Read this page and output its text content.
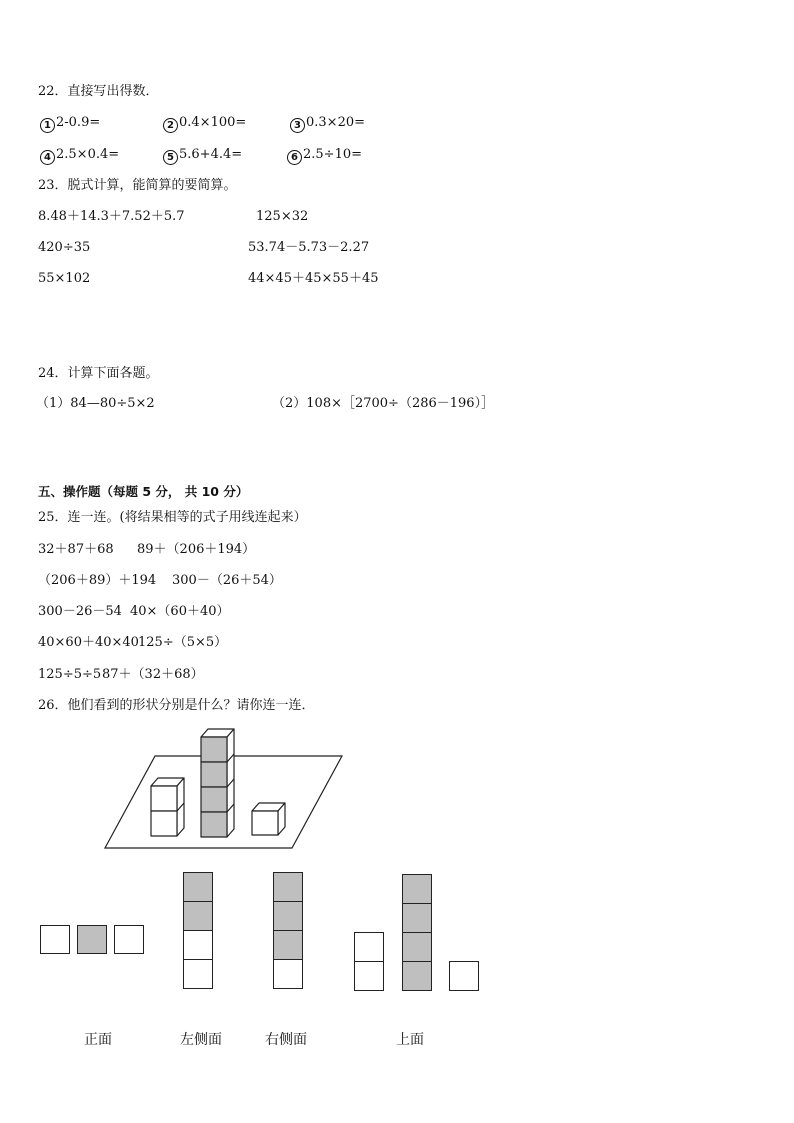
22．直接写出得数．
1 2-0.9=	2 0.4×100=	3 0.3×20=
4 2.5×0.4=	5 5.6+4.4=	6 2.5÷10=
23．脱式计算，能简算的要简算。
8.48＋14.3＋7.52＋5.7	125×32
420÷35	53.74－5.73－2.27
55×102	44×45＋45×55＋45
24．计算下面各题。
（1）84—80÷5×2	（2）108×［2700÷（286－196）］
五、操作题（每题 5 分， 共 10 分）
25．连一连。(将结果相等的式子用线连起来）
32＋87＋68 89＋（206＋194）
（206＋89）＋194 300－（26＋54）
300－26－54 40×（60＋40）
40×60＋40×40 125÷（5×5）
125÷5÷5 87＋（32＋68）
26．他们看到的形状分别是什么？请你连一连．
正面	左侧面	右侧面	上面
